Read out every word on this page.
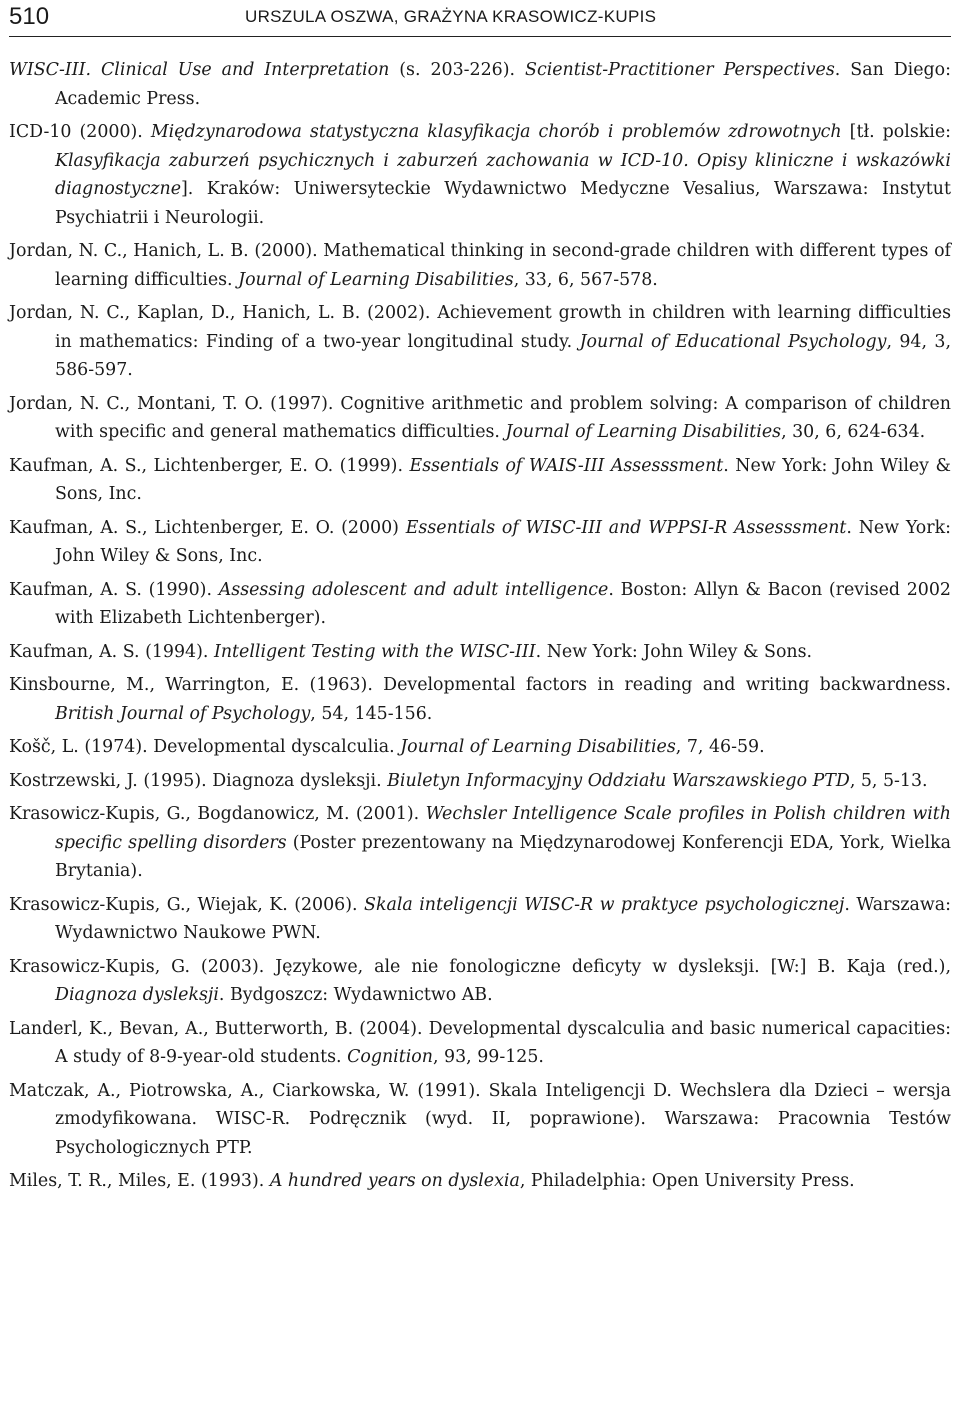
510	URSZULA OSZWA, GRAŻYNA KRASOWICZ-KUPIS
WISC-III. Clinical Use and Interpretation (s. 203-226). Scientist-Practitioner Perspectives. San Diego: Academic Press.
ICD-10 (2000). Międzynarodowa statystyczna klasyfikacja chorób i problemów zdrowotnych [tł. polskie: Klasyfikacja zaburzeń psychicznych i zaburzeń zachowania w ICD-10. Opisy kliniczne i wskazówki diagnostyczne]. Kraków: Uniwersyteckie Wydawnictwo Medyczne Vesalius, Warszawa: Instytut Psychiatrii i Neurologii.
Jordan, N. C., Hanich, L. B. (2000). Mathematical thinking in second-grade children with different types of learning difficulties. Journal of Learning Disabilities, 33, 6, 567-578.
Jordan, N. C., Kaplan, D., Hanich, L. B. (2002). Achievement growth in children with learning difficulties in mathematics: Finding of a two-year longitudinal study. Journal of Educational Psychology, 94, 3, 586-597.
Jordan, N. C., Montani, T. O. (1997). Cognitive arithmetic and problem solving: A comparison of children with specific and general mathematics difficulties. Journal of Learning Disabilities, 30, 6, 624-634.
Kaufman, A. S., Lichtenberger, E. O. (1999). Essentials of WAIS-III Assesssment. New York: John Wiley & Sons, Inc.
Kaufman, A. S., Lichtenberger, E. O. (2000) Essentials of WISC-III and WPPSI-R Assesssment. New York: John Wiley & Sons, Inc.
Kaufman, A. S. (1990). Assessing adolescent and adult intelligence. Boston: Allyn & Bacon (revised 2002 with Elizabeth Lichtenberger).
Kaufman, A. S. (1994). Intelligent Testing with the WISC-III. New York: John Wiley & Sons.
Kinsbourne, M., Warrington, E. (1963). Developmental factors in reading and writing backwardness. British Journal of Psychology, 54, 145-156.
Košč, L. (1974). Developmental dyscalculia. Journal of Learning Disabilities, 7, 46-59.
Kostrzewski, J. (1995). Diagnoza dysleksji. Biuletyn Informacyjny Oddziału Warszawskiego PTD, 5, 5-13.
Krasowicz-Kupis, G., Bogdanowicz, M. (2001). Wechsler Intelligence Scale profiles in Polish children with specific spelling disorders (Poster prezentowany na Międzynarodowej Konferencji EDA, York, Wielka Brytania).
Krasowicz-Kupis, G., Wiejak, K. (2006). Skala inteligencji WISC-R w praktyce psychologicznej. Warszawa: Wydawnictwo Naukowe PWN.
Krasowicz-Kupis, G. (2003). Językowe, ale nie fonologiczne deficyty w dysleksji. [W:] B. Kaja (red.), Diagnoza dysleksji. Bydgoszcz: Wydawnictwo AB.
Landerl, K., Bevan, A., Butterworth, B. (2004). Developmental dyscalculia and basic numerical capacities: A study of 8-9-year-old students. Cognition, 93, 99-125.
Matczak, A., Piotrowska, A., Ciarkowska, W. (1991). Skala Inteligencji D. Wechslera dla Dzieci – wersja zmodyfikowana. WISC-R. Podręcznik (wyd. II, poprawione). Warszawa: Pracownia Testów Psychologicznych PTP.
Miles, T. R., Miles, E. (1993). A hundred years on dyslexia, Philadelphia: Open University Press.
